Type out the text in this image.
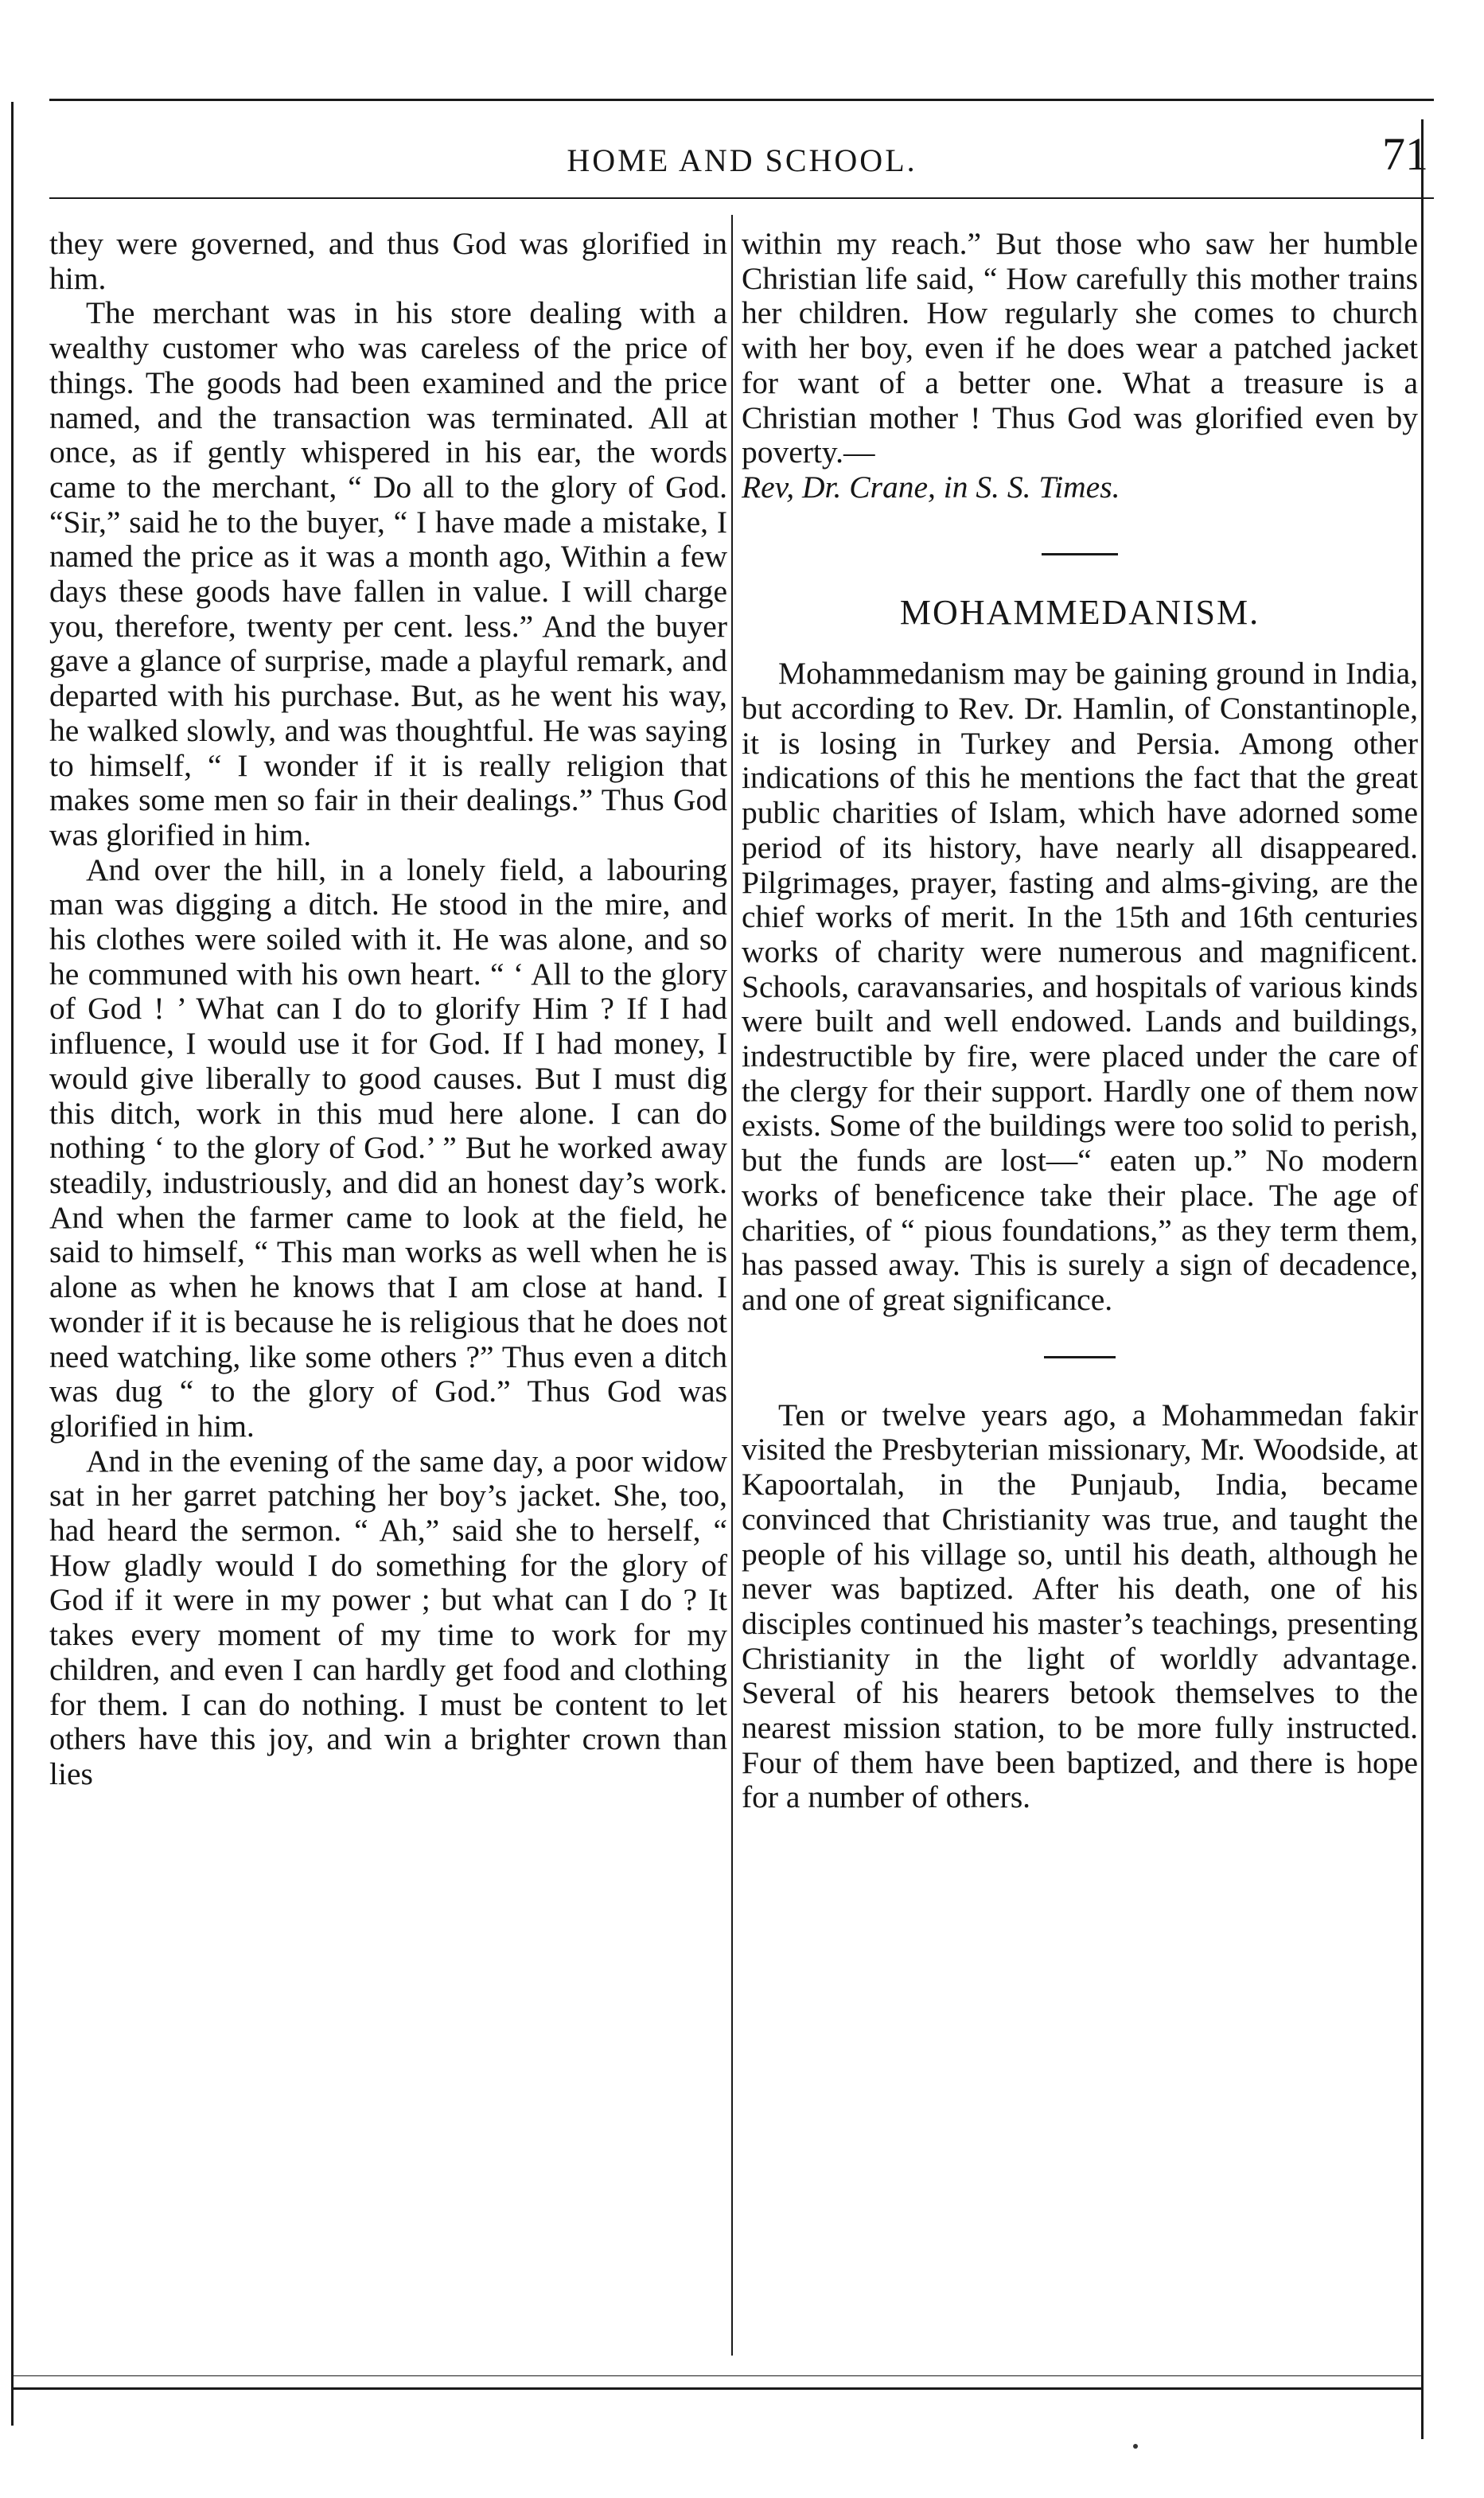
HOME AND SCHOOL.	71

they were governed, and thus God was glorified in him.

The merchant was in his store dealing with a wealthy customer who was careless of the price of things. The goods had been examined and the price named, and the transaction was terminated. All at once, as if gently whispered in his ear, the words came to the merchant, “ Do all to the glory of God. “Sir,” said he to the buyer, “ I have made a mistake, I named the price as it was a month ago, Within a few days these goods have fallen in value. I will charge you, therefore, twenty per cent. less.” And the buyer gave a glance of surprise, made a playful remark, and departed with his purchase. But, as he went his way, he walked slowly, and was thoughtful. He was saying to himself, “ I wonder if it is really religion that makes some men so fair in their dealings.” Thus God was glorified in him.

And over the hill, in a lonely field, a labouring man was digging a ditch. He stood in the mire, and his clothes were soiled with it. He was alone, and so he communed with his own heart. “ ‘ All to the glory of God ! ’ What can I do to glorify Him ? If I had influence, I would use it for God. If I had money, I would give liberally to good causes. But I must dig this ditch, work in this mud here alone. I can do nothing ‘ to the glory of God.’ ” But he worked away steadily, industriously, and did an honest day’s work. And when the farmer came to look at the field, he said to himself, “ This man works as well when he is alone as when he knows that I am close at hand. I wonder if it is because he is religious that he does not need watching, like some others ?” Thus even a ditch was dug “ to the glory of God.” Thus God was glorified in him.

And in the evening of the same day, a poor widow sat in her garret patching her boy’s jacket. She, too, had heard the sermon. “ Ah,” said she to herself, “ How gladly would I do something for the glory of God if it were in my power ; but what can I do ? It takes every moment of my time to work for my children, and even I can hardly get food and clothing for them. I can do nothing. I must be content to let others have this joy, and win a brighter crown than lies

within my reach.” But those who saw her humble Christian life said, “ How carefully this mother trains her children. How regularly she comes to church with her boy, even if he does wear a patched jacket for want of a better one. What a treasure is a Christian mother ! Thus God was glorified even by poverty.—

Rev, Dr. Crane, in S. S. Times.

MOHAMMEDANISM.

Mohammedanism may be gaining ground in India, but according to Rev. Dr. Hamlin, of Constantinople, it is losing in Turkey and Persia. Among other indications of this he mentions the fact that the great public charities of Islam, which have adorned some period of its history, have nearly all disappeared. Pilgrimages, prayer, fasting and alms-giving, are the chief works of merit. In the 15th and 16th centuries works of charity were numerous and magnificent. Schools, caravansaries, and hospitals of various kinds were built and well endowed. Lands and buildings, indestructible by fire, were placed under the care of the clergy for their support. Hardly one of them now exists. Some of the buildings were too solid to perish, but the funds are lost—“ eaten up.” No modern works of beneficence take their place. The age of charities, of “ pious foundations,” as they term them, has passed away. This is surely a sign of decadence, and one of great significance.

Ten or twelve years ago, a Mohammedan fakir visited the Presbyterian missionary, Mr. Woodside, at Kapoortalah, in the Punjaub, India, became convinced that Christianity was true, and taught the people of his village so, until his death, although he never was baptized. After his death, one of his disciples continued his master’s teachings, presenting Christianity in the light of worldly advantage. Several of his hearers betook themselves to the nearest mission station, to be more fully instructed. Four of them have been baptized, and there is hope for a number of others.
